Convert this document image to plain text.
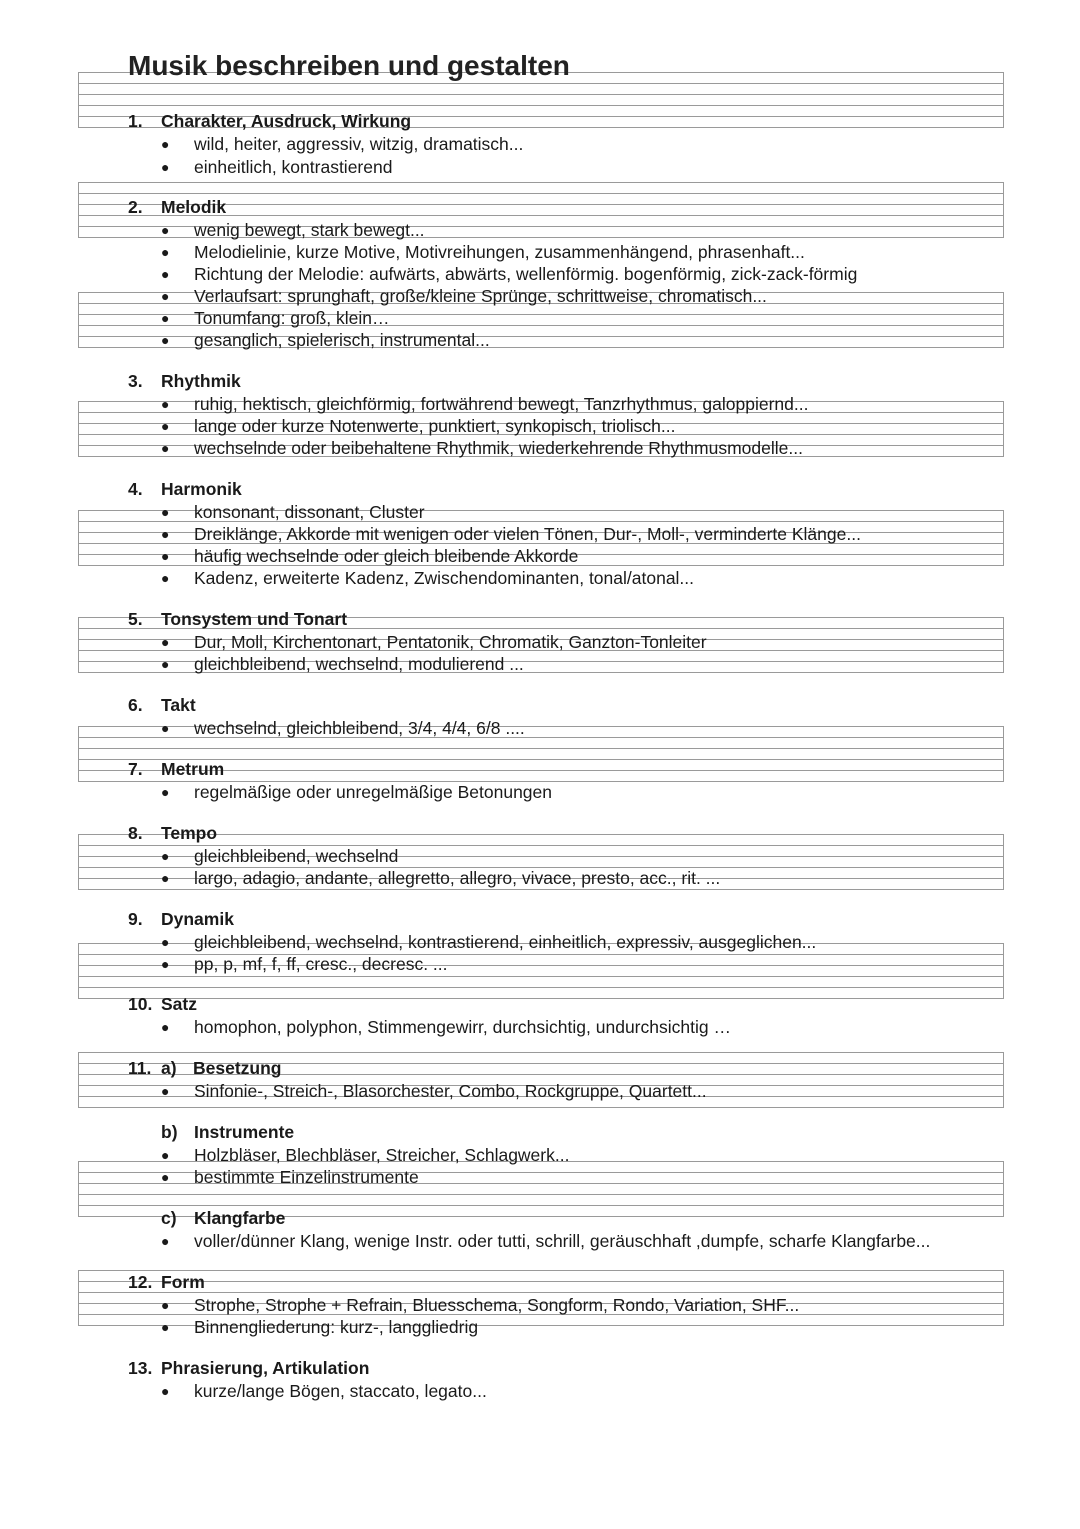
Musik beschreiben und gestalten
1. Charakter, Ausdruck, Wirkung
● wild, heiter, aggressiv, witzig, dramatisch...
● einheitlich, kontrastierend
2. Melodik
● wenig bewegt, stark bewegt...
● Melodielinie, kurze Motive, Motivreihungen, zusammenhängend, phrasenhaft...
● Richtung der Melodie: aufwärts, abwärts, wellenförmig. bogenförmig, zick-zack-förmig
● Verlaufsart: sprunghaft, große/kleine Sprünge, schrittweise, chromatisch...
● Tonumfang: groß, klein…
● gesanglich, spielerisch, instrumental...
3. Rhythmik
● ruhig, hektisch, gleichförmig, fortwährend bewegt, Tanzrhythmus, galoppiernd...
● lange oder kurze Notenwerte, punktiert, synkopisch, triolisch...
● wechselnde oder beibehaltene Rhythmik, wiederkehrende Rhythmusmodelle...
4. Harmonik
● konsonant, dissonant, Cluster
● Dreiklänge, Akkorde mit wenigen oder vielen Tönen, Dur-, Moll-, verminderte Klänge...
● häufig wechselnde oder gleich bleibende Akkorde
● Kadenz, erweiterte Kadenz, Zwischendominanten, tonal/atonal...
5. Tonsystem und Tonart
● Dur, Moll, Kirchentonart, Pentatonik, Chromatik, Ganzton-Tonleiter
● gleichbleibend, wechselnd, modulierend ...
6. Takt
● wechselnd, gleichbleibend, 3/4, 4/4, 6/8 ....
7. Metrum
● regelmäßige oder unregelmäßige Betonungen
8. Tempo
● gleichbleibend, wechselnd
● largo, adagio, andante, allegretto, allegro, vivace, presto, acc., rit. ...
9. Dynamik
● gleichbleibend, wechselnd, kontrastierend, einheitlich, expressiv, ausgeglichen...
● pp, p, mf, f, ff, cresc., decresc. ...
10. Satz
● homophon, polyphon, Stimmengewirr, durchsichtig, undurchsichtig …
11. a) Besetzung
● Sinfonie-, Streich-, Blasorchester, Combo, Rockgruppe, Quartett...
b) Instrumente
● Holzbläser, Blechbläser, Streicher, Schlagwerk...
● bestimmte Einzelinstrumente
c) Klangfarbe
● voller/dünner Klang, wenige Instr. oder tutti, schrill, geräuschhaft ,dumpfe, scharfe Klangfarbe...
12. Form
● Strophe, Strophe + Refrain, Bluesschema, Songform, Rondo, Variation, SHF...
● Binnengliederung: kurz-, langgliedrig
13. Phrasierung, Artikulation
● kurze/lange Bögen, staccato, legato...
